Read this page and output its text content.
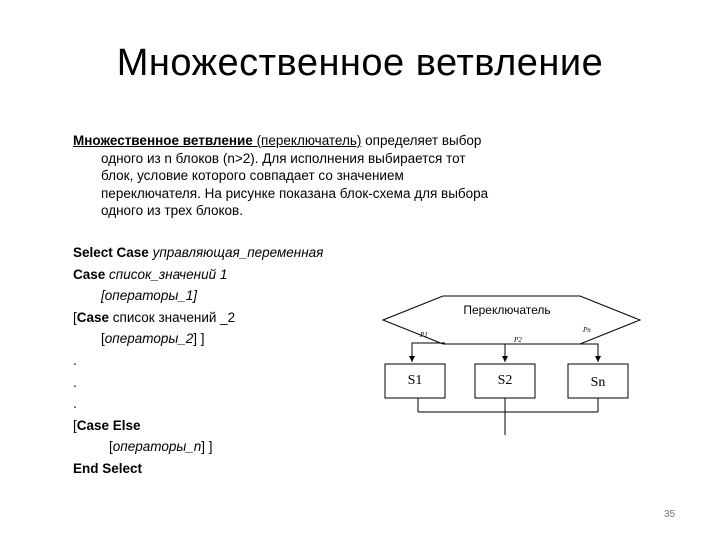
Множественное ветвление
Множественное ветвление (переключатель) определяет выбор
одного из n блоков (n>2). Для исполнения выбирается тот
блок, условие которого совпадает со значением
переключателя. На рисунке показана блок-схема для выбора
одного из трех блоков.
Select Case управляющая_переменная
Case список_значений 1
[операторы_1]
[Case список значений _2
[операторы_2] ]
.
.
.
[Case Else
[операторы_n] ]
End Select
Переключатель
P1
P2
Pn
S1	S2	Sn
35
